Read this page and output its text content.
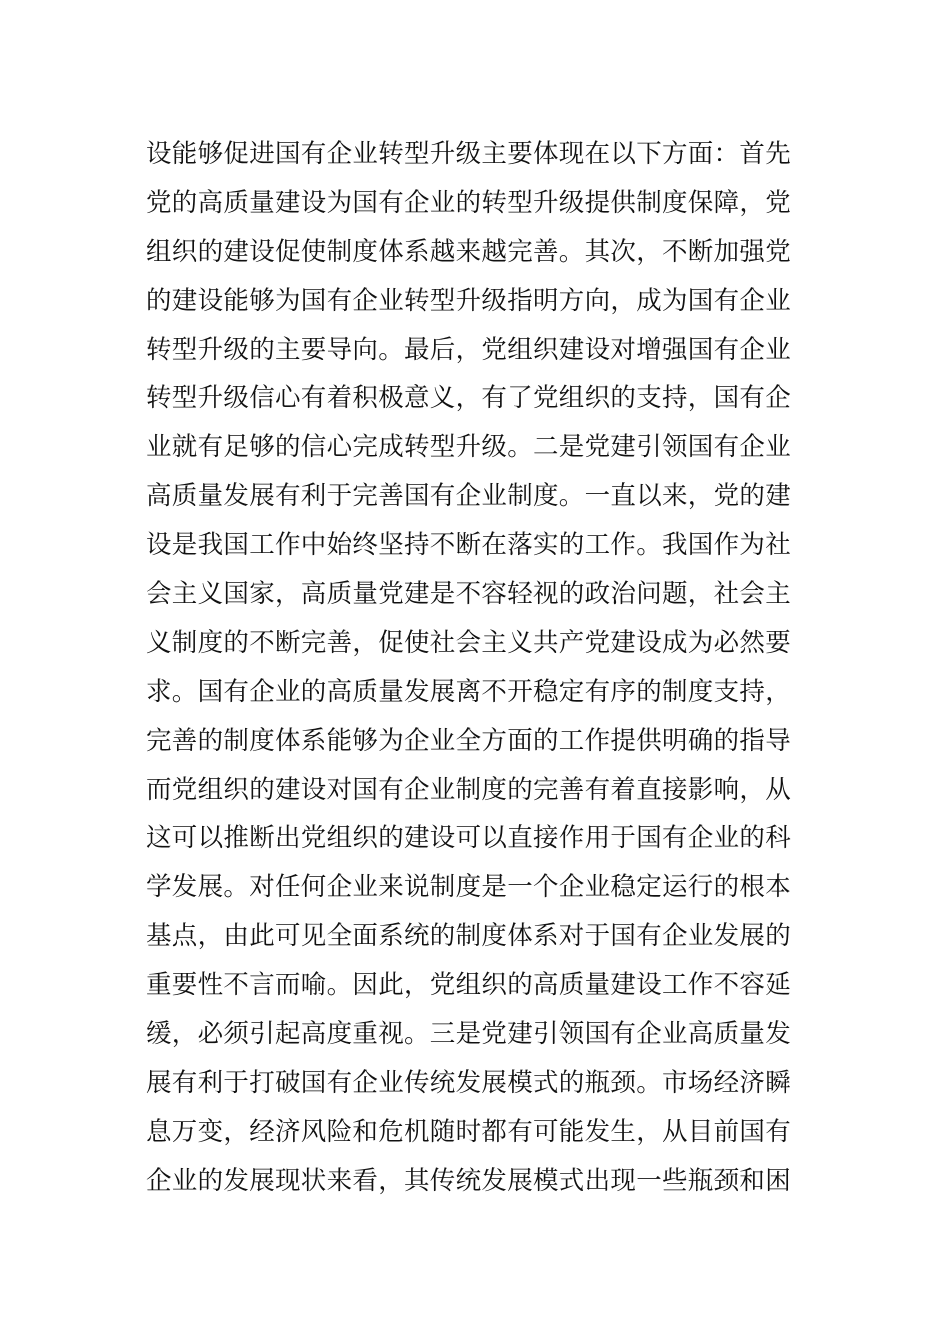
设能够促进国有企业转型升级主要体现在以下方面：首先
党的高质量建设为国有企业的转型升级提供制度保障，党
组织的建设促使制度体系越来越完善。其次，不断加强党
的建设能够为国有企业转型升级指明方向，成为国有企业
转型升级的主要导向。最后，党组织建设对增强国有企业
转型升级信心有着积极意义，有了党组织的支持，国有企
业就有足够的信心完成转型升级。二是党建引领国有企业
高质量发展有利于完善国有企业制度。一直以来，党的建
设是我国工作中始终坚持不断在落实的工作。我国作为社
会主义国家，高质量党建是不容轻视的政治问题，社会主
义制度的不断完善，促使社会主义共产党建设成为必然要
求。国有企业的高质量发展离不开稳定有序的制度支持，
完善的制度体系能够为企业全方面的工作提供明确的指导
而党组织的建设对国有企业制度的完善有着直接影响，从
这可以推断出党组织的建设可以直接作用于国有企业的科
学发展。对任何企业来说制度是一个企业稳定运行的根本
基点，由此可见全面系统的制度体系对于国有企业发展的
重要性不言而喻。因此，党组织的高质量建设工作不容延
缓，必须引起高度重视。三是党建引领国有企业高质量发
展有利于打破国有企业传统发展模式的瓶颈。市场经济瞬
息万变，经济风险和危机随时都有可能发生，从目前国有
企业的发展现状来看，其传统发展模式出现一些瓶颈和困
